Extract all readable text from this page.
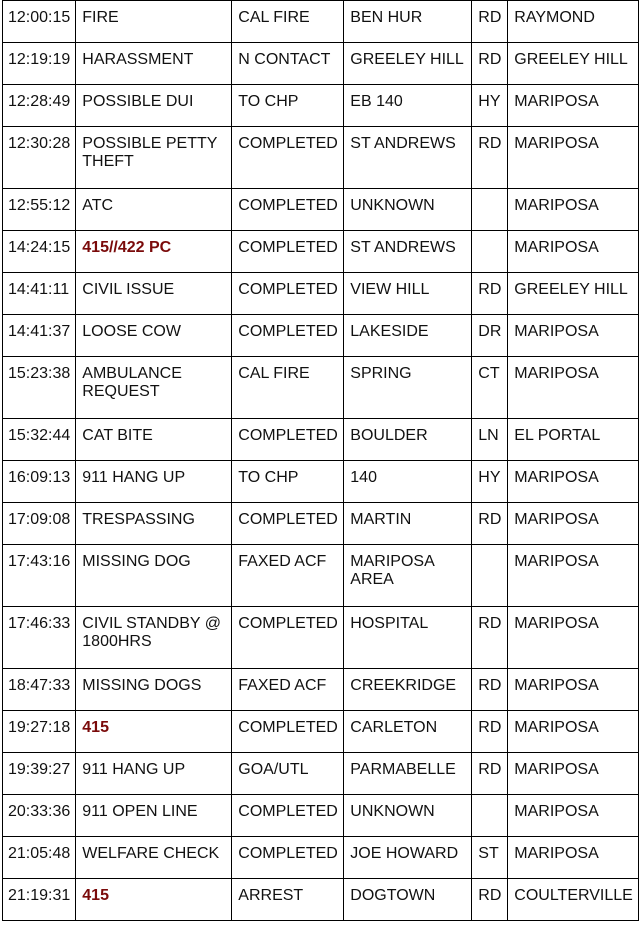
12:00:15	FIRE	CAL FIRE	BEN HUR	RD	RAYMOND
12:19:19	HARASSMENT	N CONTACT	GREELEY HILL	RD	GREELEY HILL
12:28:49	POSSIBLE DUI	TO CHP	EB 140	HY	MARIPOSA
12:30:28	POSSIBLE PETTY THEFT	COMPLETED	ST ANDREWS	RD	MARIPOSA
12:55:12	ATC	COMPLETED	UNKNOWN		MARIPOSA
14:24:15	415//422 PC	COMPLETED	ST ANDREWS		MARIPOSA
14:41:11	CIVIL ISSUE	COMPLETED	VIEW HILL	RD	GREELEY HILL
14:41:37	LOOSE COW	COMPLETED	LAKESIDE	DR	MARIPOSA
15:23:38	AMBULANCE REQUEST	CAL FIRE	SPRING	CT	MARIPOSA
15:32:44	CAT BITE	COMPLETED	BOULDER	LN	EL PORTAL
16:09:13	911 HANG UP	TO CHP	140	HY	MARIPOSA
17:09:08	TRESPASSING	COMPLETED	MARTIN	RD	MARIPOSA
17:43:16	MISSING DOG	FAXED ACF	MARIPOSA AREA		MARIPOSA
17:46:33	CIVIL STANDBY @ 1800HRS	COMPLETED	HOSPITAL	RD	MARIPOSA
18:47:33	MISSING DOGS	FAXED ACF	CREEKRIDGE	RD	MARIPOSA
19:27:18	415	COMPLETED	CARLETON	RD	MARIPOSA
19:39:27	911 HANG UP	GOA/UTL	PARMABELLE	RD	MARIPOSA
20:33:36	911 OPEN LINE	COMPLETED	UNKNOWN		MARIPOSA
21:05:48	WELFARE CHECK	COMPLETED	JOE HOWARD	ST	MARIPOSA
21:19:31	415	ARREST	DOGTOWN	RD	COULTERVILLE
